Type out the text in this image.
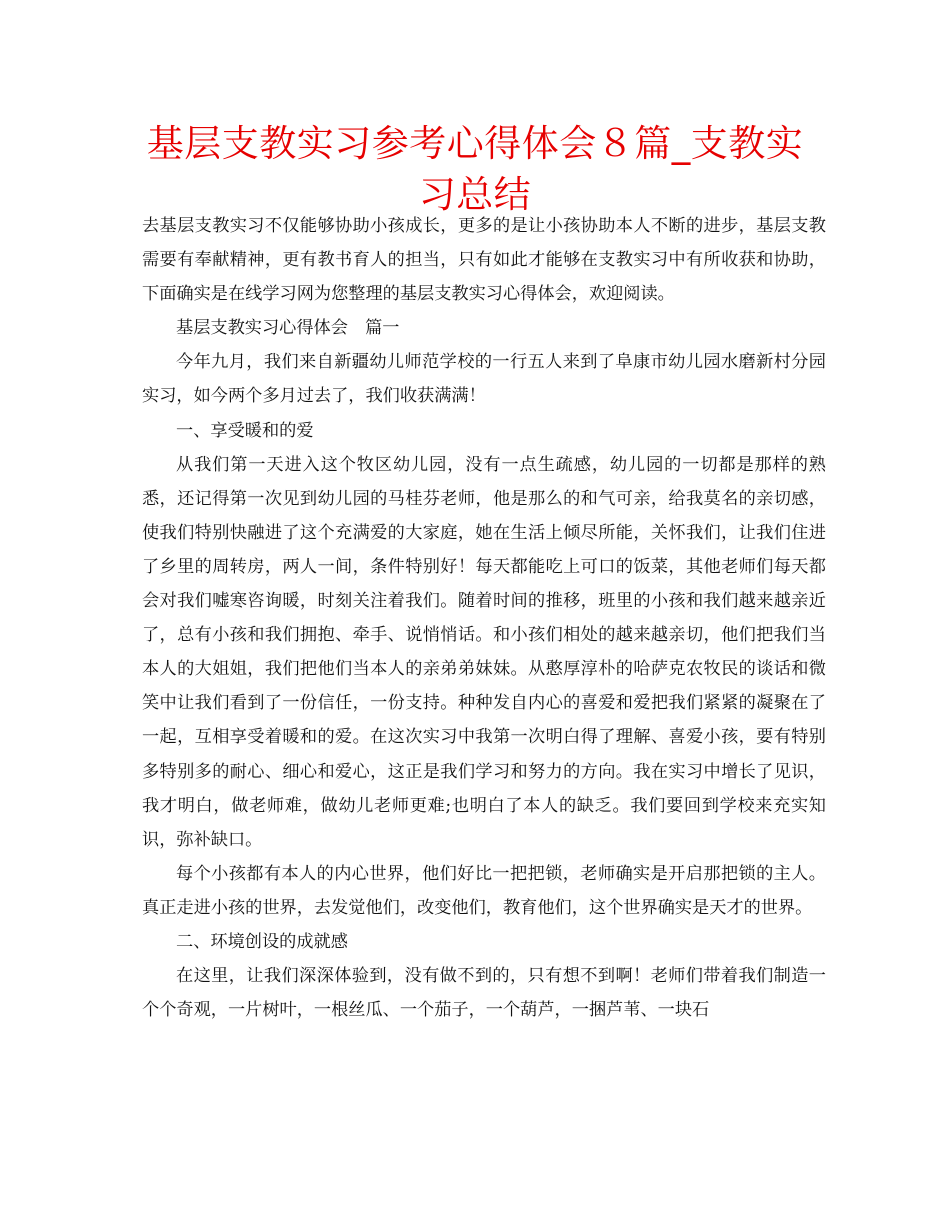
基层支教实习参考心得体会８篇_支教实习总结

去基层支教实习不仅能够协助小孩成长，更多的是让小孩协助本人不断的进步，基层支教需要有奉献精神，更有教书育人的担当，只有如此才能够在支教实习中有所收获和协助，下面确实是在线学习网为您整理的基层支教实习心得体会，欢迎阅读。

基层支教实习心得体会　篇一

今年九月，我们来自新疆幼儿师范学校的一行五人来到了阜康市幼儿园水磨新村分园实习，如今两个多月过去了，我们收获满满！

一、享受暖和的爱

从我们第一天进入这个牧区幼儿园，没有一点生疏感，幼儿园的一切都是那样的熟悉，还记得第一次见到幼儿园的马桂芬老师，他是那么的和气可亲，给我莫名的亲切感，使我们特别快融进了这个充满爱的大家庭，她在生活上倾尽所能，关怀我们，让我们住进了乡里的周转房，两人一间，条件特别好！每天都能吃上可口的饭菜，其他老师们每天都会对我们嘘寒咨询暖，时刻关注着我们。随着时间的推移，班里的小孩和我们越来越亲近了，总有小孩和我们拥抱、牵手、说悄悄话。和小孩们相处的越来越亲切，他们把我们当本人的大姐姐，我们把他们当本人的亲弟弟妹妹。从憨厚淳朴的哈萨克农牧民的谈话和微笑中让我们看到了一份信任，一份支持。种种发自内心的喜爱和爱把我们紧紧的凝聚在了一起，互相享受着暖和的爱。在这次实习中我第一次明白得了理解、喜爱小孩，要有特别多特别多的耐心、细心和爱心，这正是我们学习和努力的方向。我在实习中增长了见识，我才明白，做老师难，做幼儿老师更难;也明白了本人的缺乏。我们要回到学校来充实知识，弥补缺口。

每个小孩都有本人的内心世界，他们好比一把把锁，老师确实是开启那把锁的主人。真正走进小孩的世界，去发觉他们，改变他们，教育他们，这个世界确实是天才的世界。

二、环境创设的成就感

在这里，让我们深深体验到，没有做不到的，只有想不到啊！老师们带着我们制造一个个奇观，一片树叶，一根丝瓜、一个茄子，一个葫芦，一捆芦苇、一块石
